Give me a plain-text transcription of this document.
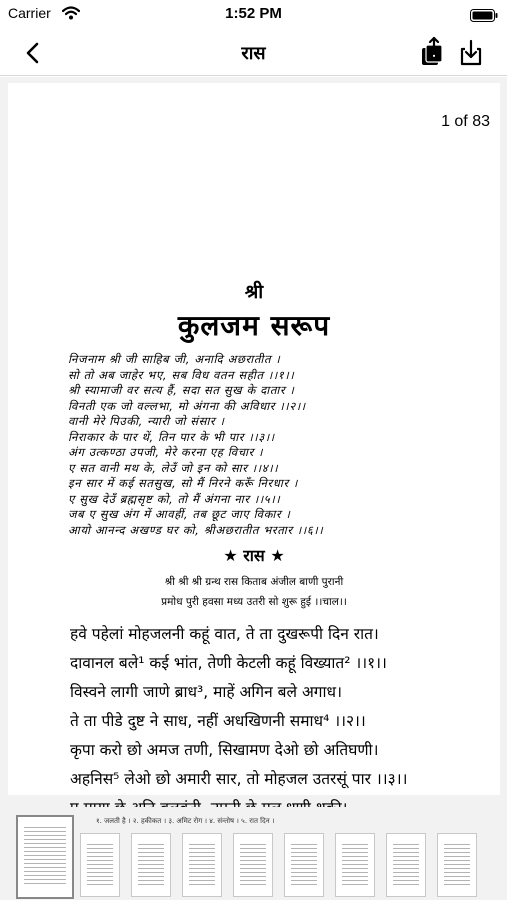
Carrier	1:52 PM
रास
1 of 83
श्री
कुलजम सरूप
निजनाम श्री जी साहिब जी, अनादि अछरातीत ।
सो तो अब जाहेर भए, सब विध वतन सहीत ।।१।।
श्री स्यामाजी वर सत्य हैं, सदा सत सुख के दातार ।
विनती एक जो वल्लभा, मो अंगना की अविधार ।।२।।
वानी मेरे पिउकी, न्यारी जो संसार ।
निराकार के पार थें, तिन पार के भी पार ।।३।।
अंग उत्कण्ठा उपजी, मेरे करना एह विचार ।
ए सत वानी मथ के, लेउँ जो इन को सार ।।४।।
इन सार में कई सतसुख, सो मैं निरने करूँ निरधार ।
ए सुख देउँ ब्रह्मसृष्ट को, तो मैं अंगना नार ।।५।।
जब ए सुख अंग में आवहीं, तब छूट जाए विकार ।
आयो आनन्द अखण्ड घर को, श्रीअछरातीत भरतार ।।६।।
★ रास ★
श्री श्री श्री ग्रन्थ रास किताब अंजील बाणी पुरानी
प्रमोध पुरी हवसा मध्य उतरी सो शुरू हुई ।।चाल।।
हवे पहेलां मोहजलनी कहूं वात, ते ता दुखरूपी दिन रात।
दावानल बले¹ कई भांत, तेणी केटली कहूं विख्यात² ।।१।।
विस्वने लागी जाणे ब्राध³, माहें अगिन बले अगाध।
ते ता पीडे दुष्ट ने साध, नहीं अधखिणनी समाध⁴ ।।२।।
कृपा करो छो अमज तणी, सिखामण देओ छो अतिघणी।
अहनिस⁵ लेओ छो अमारी सार, तो मोहजल उतरसूं पार ।।३।।
१. जलती है । २. हकीकत । ३. अमिट रोग । ४. संन्तोष । ५. रात दिन ।
